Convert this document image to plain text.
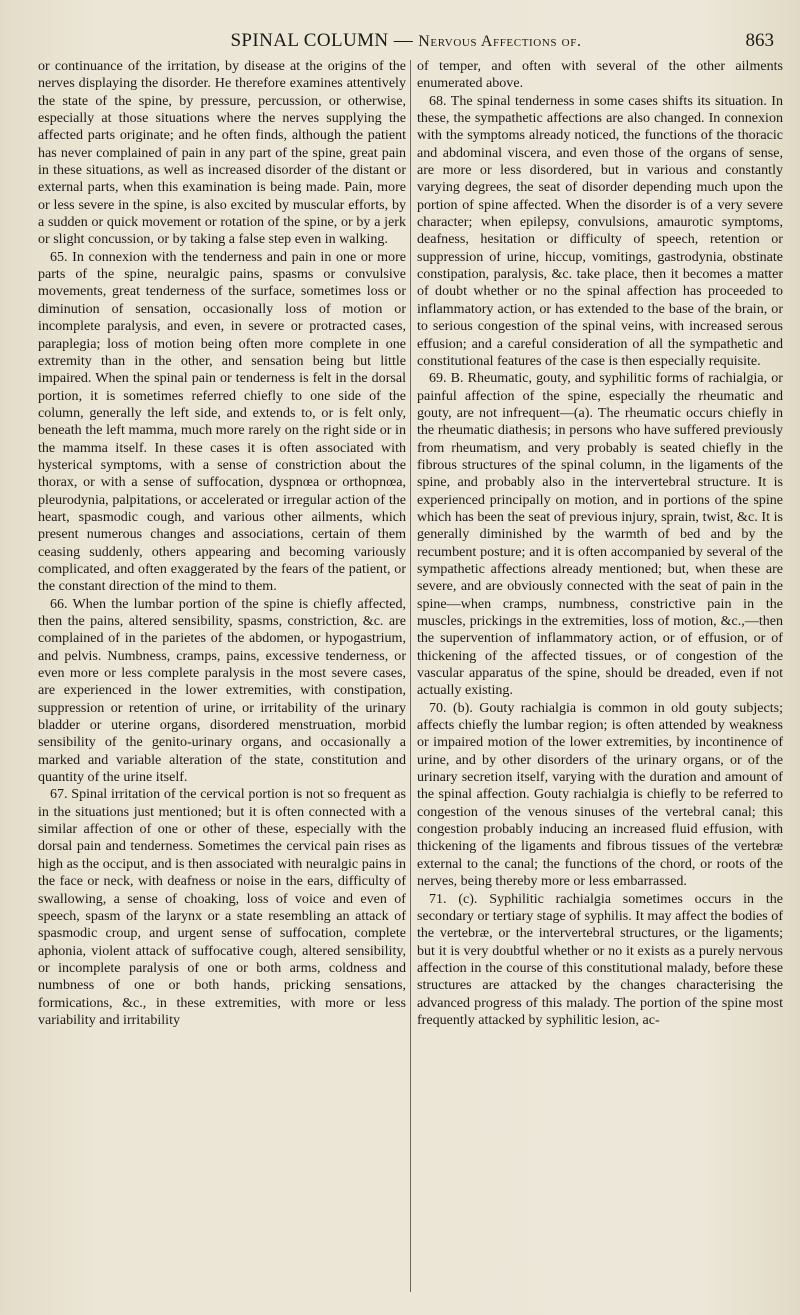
SPINAL COLUMN — Nervous Affections of.	863

or continuance of the irritation, by disease at the origins of the nerves displaying the disorder. He therefore examines attentively the state of the spine, by pressure, percussion, or otherwise, especially at those situations where the nerves supplying the affected parts originate; and he often finds, although the patient has never complained of pain in any part of the spine, great pain in these situations, as well as increased disorder of the distant or external parts, when this examination is being made. Pain, more or less severe in the spine, is also excited by muscular efforts, by a sudden or quick movement or rotation of the spine, or by a jerk or slight concussion, or by taking a false step even in walking.

65. In connexion with the tenderness and pain in one or more parts of the spine, neuralgic pains, spasms or convulsive movements, great tenderness of the surface, sometimes loss or diminution of sensation, occasionally loss of motion or incomplete paralysis, and even, in severe or protracted cases, paraplegia; loss of motion being often more complete in one extremity than in the other, and sensation being but little impaired. When the spinal pain or tenderness is felt in the dorsal portion, it is sometimes referred chiefly to one side of the column, generally the left side, and extends to, or is felt only, beneath the left mamma, much more rarely on the right side or in the mamma itself. In these cases it is often associated with hysterical symptoms, with a sense of constriction about the thorax, or with a sense of suffocation, dyspnœa or orthopnœa, pleurodynia, palpitations, or accelerated or irregular action of the heart, spasmodic cough, and various other ailments, which present numerous changes and associations, certain of them ceasing suddenly, others appearing and becoming variously complicated, and often exaggerated by the fears of the patient, or the constant direction of the mind to them.

66. When the lumbar portion of the spine is chiefly affected, then the pains, altered sensibility, spasms, constriction, &c. are complained of in the parietes of the abdomen, or hypogastrium, and pelvis. Numbness, cramps, pains, excessive tenderness, or even more or less complete paralysis in the most severe cases, are experienced in the lower extremities, with constipation, suppression or retention of urine, or irritability of the urinary bladder or uterine organs, disordered menstruation, morbid sensibility of the genito-urinary organs, and occasionally a marked and variable alteration of the state, constitution and quantity of the urine itself.

67. Spinal irritation of the cervical portion is not so frequent as in the situations just mentioned; but it is often connected with a similar affection of one or other of these, especially with the dorsal pain and tenderness. Sometimes the cervical pain rises as high as the occiput, and is then associated with neuralgic pains in the face or neck, with deafness or noise in the ears, difficulty of swallowing, a sense of choaking, loss of voice and even of speech, spasm of the larynx or a state resembling an attack of spasmodic croup, and urgent sense of suffocation, complete aphonia, violent attack of suffocative cough, altered sensibility, or incomplete paralysis of one or both arms, coldness and numbness of one or both hands, pricking sensations, formications, &c., in these extremities, with more or less variability and irritability

of temper, and often with several of the other ailments enumerated above.

68. The spinal tenderness in some cases shifts its situation. In these, the sympathetic affections are also changed. In connexion with the symptoms already noticed, the functions of the thoracic and abdominal viscera, and even those of the organs of sense, are more or less disordered, but in various and constantly varying degrees, the seat of disorder depending much upon the portion of spine affected. When the disorder is of a very severe character; when epilepsy, convulsions, amaurotic symptoms, deafness, hesitation or difficulty of speech, retention or suppression of urine, hiccup, vomitings, gastrodynia, obstinate constipation, paralysis, &c. take place, then it becomes a matter of doubt whether or no the spinal affection has proceeded to inflammatory action, or has extended to the base of the brain, or to serious congestion of the spinal veins, with increased serous effusion; and a careful consideration of all the sympathetic and constitutional features of the case is then especially requisite.

69. B. Rheumatic, gouty, and syphilitic forms of rachialgia, or painful affection of the spine, especially the rheumatic and gouty, are not infrequent—(a). The rheumatic occurs chiefly in the rheumatic diathesis; in persons who have suffered previously from rheumatism, and very probably is seated chiefly in the fibrous structures of the spinal column, in the ligaments of the spine, and probably also in the intervertebral structure. It is experienced principally on motion, and in portions of the spine which has been the seat of previous injury, sprain, twist, &c. It is generally diminished by the warmth of bed and by the recumbent posture; and it is often accompanied by several of the sympathetic affections already mentioned; but, when these are severe, and are obviously connected with the seat of pain in the spine—when cramps, numbness, constrictive pain in the muscles, prickings in the extremities, loss of motion, &c.,—then the supervention of inflammatory action, or of effusion, or of thickening of the affected tissues, or of congestion of the vascular apparatus of the spine, should be dreaded, even if not actually existing.

70. (b). Gouty rachialgia is common in old gouty subjects; affects chiefly the lumbar region; is often attended by weakness or impaired motion of the lower extremities, by incontinence of urine, and by other disorders of the urinary organs, or of the urinary secretion itself, varying with the duration and amount of the spinal affection. Gouty rachialgia is chiefly to be referred to congestion of the venous sinuses of the vertebral canal; this congestion probably inducing an increased fluid effusion, with thickening of the ligaments and fibrous tissues of the vertebræ external to the canal; the functions of the chord, or roots of the nerves, being thereby more or less embarrassed.

71. (c). Syphilitic rachialgia sometimes occurs in the secondary or tertiary stage of syphilis. It may affect the bodies of the vertebræ, or the intervertebral structures, or the ligaments; but it is very doubtful whether or no it exists as a purely nervous affection in the course of this constitutional malady, before these structures are attacked by the changes characterising the advanced progress of this malady. The portion of the spine most frequently attacked by syphilitic lesion, ac-
